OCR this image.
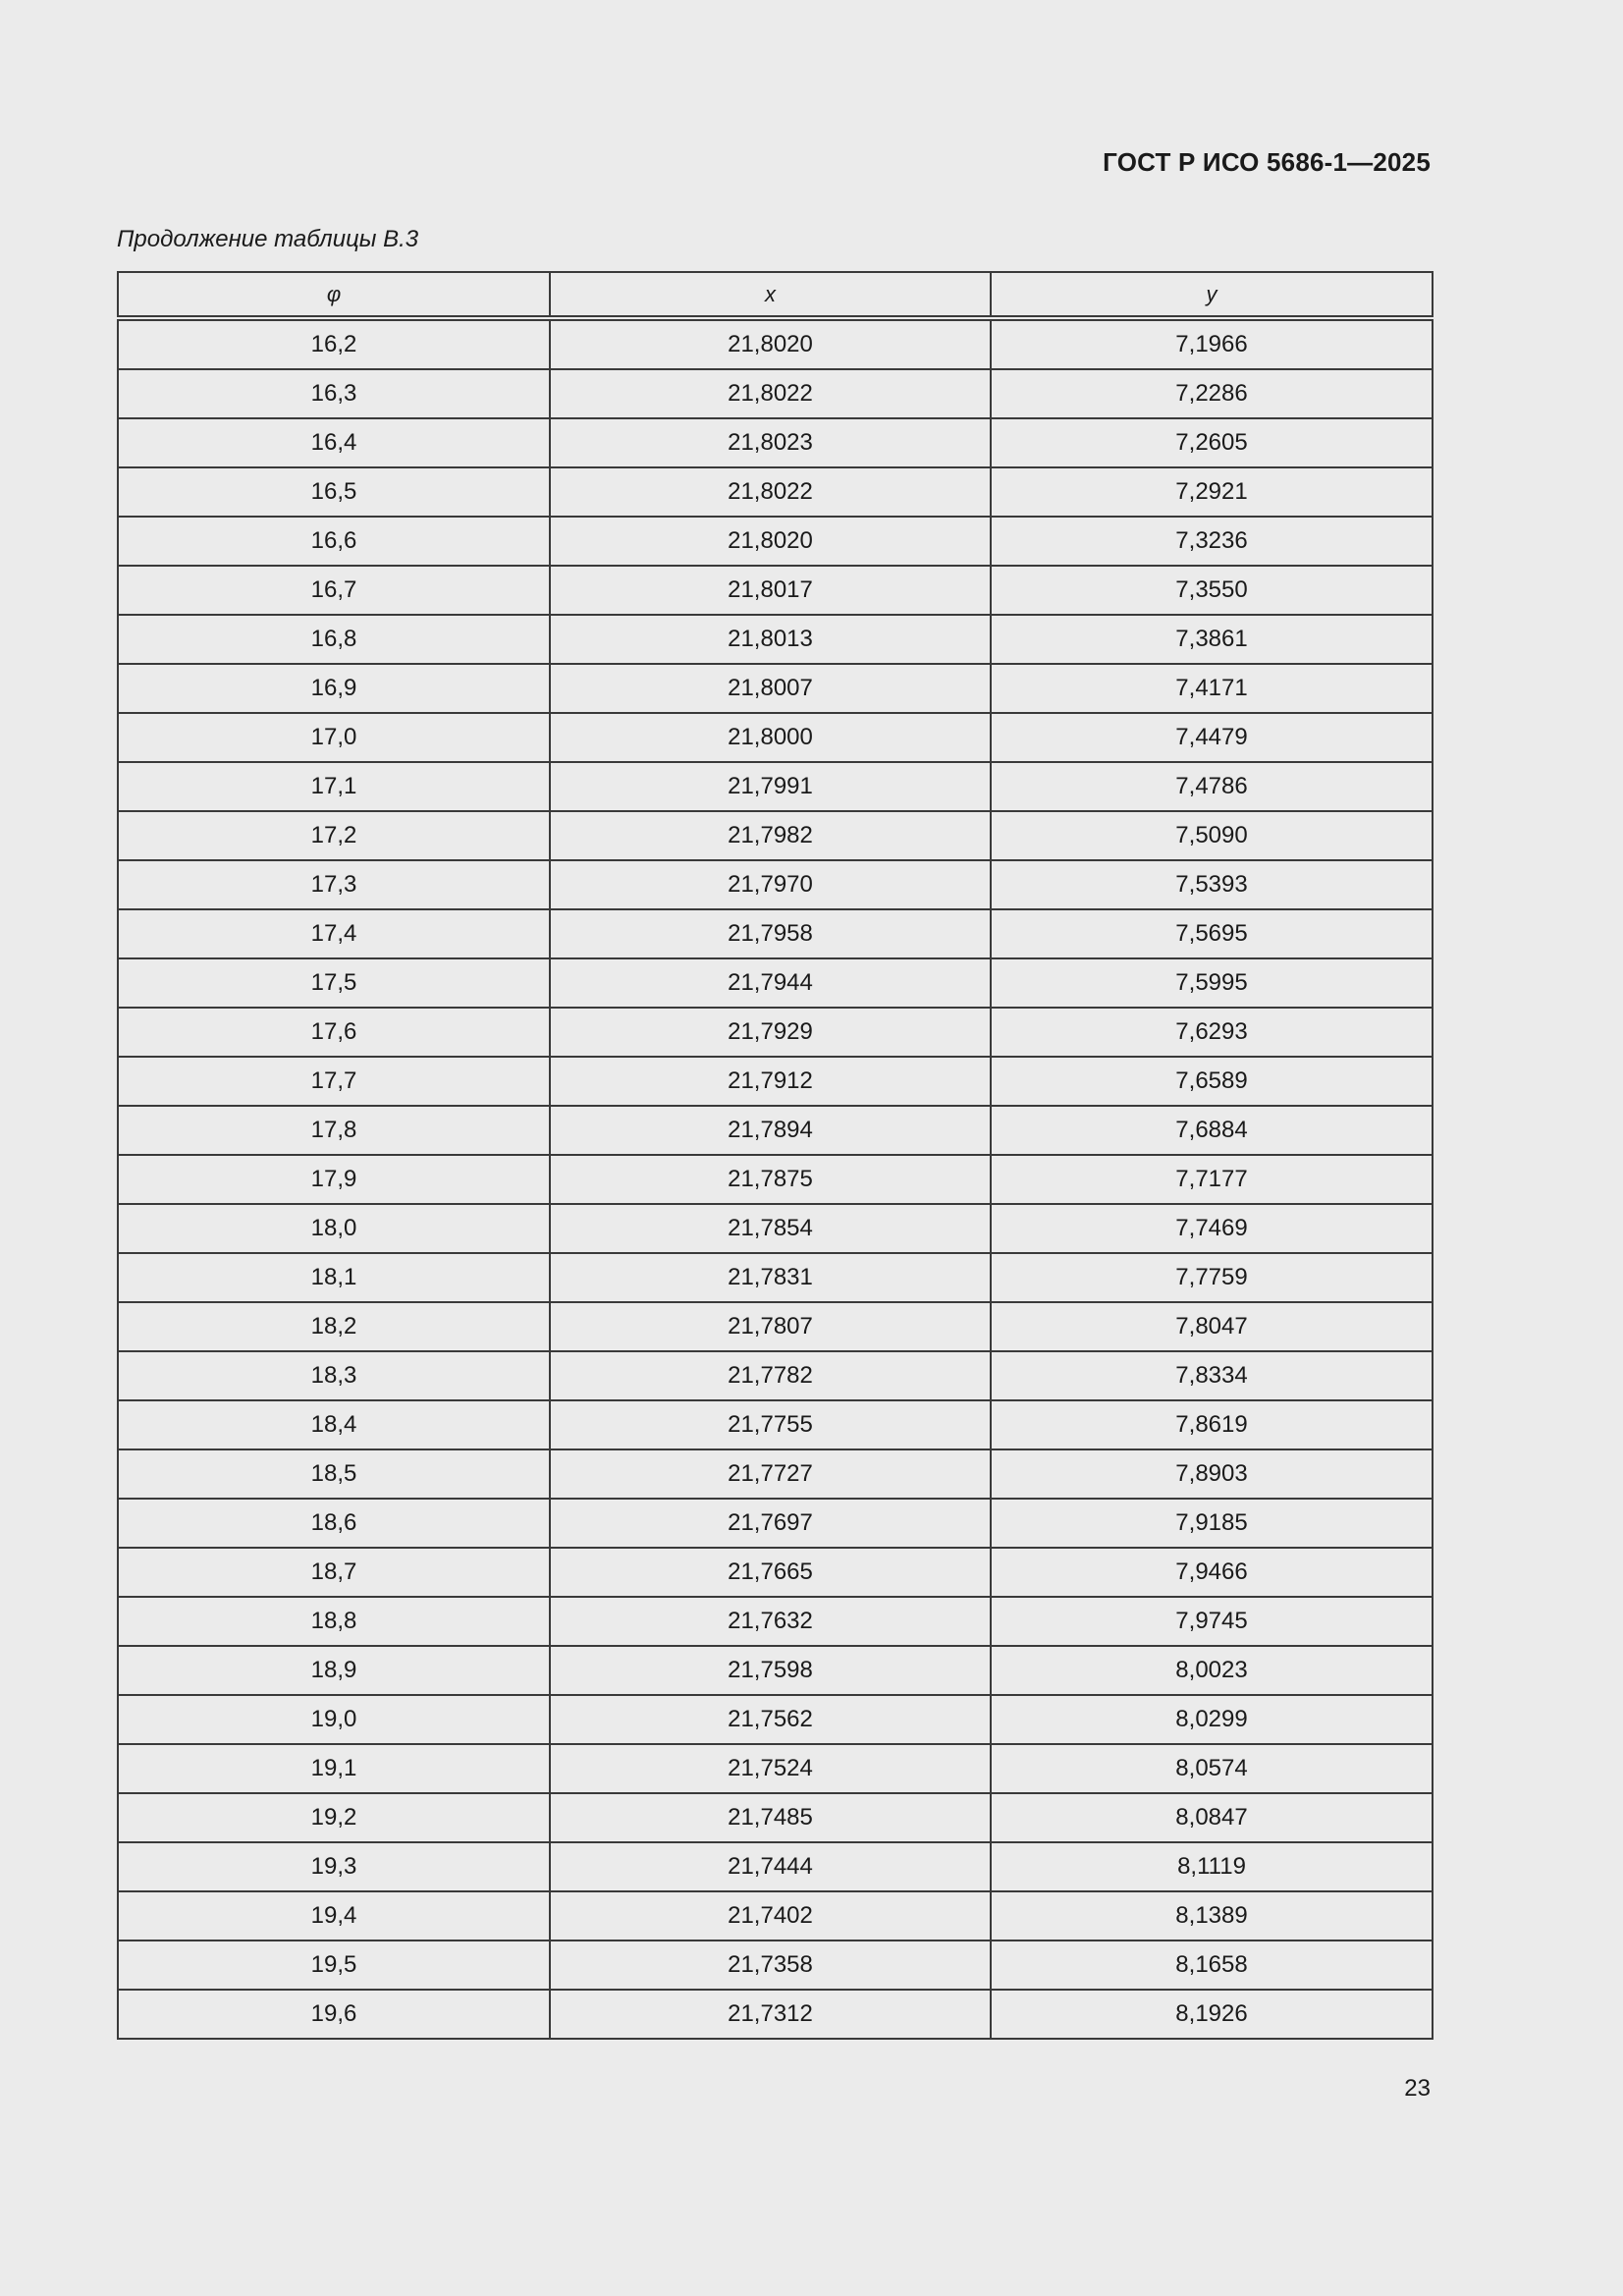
ГОСТ Р ИСО 5686-1—2025
Продолжение таблицы В.3
φ	x	y
16,2	21,8020	7,1966
16,3	21,8022	7,2286
16,4	21,8023	7,2605
16,5	21,8022	7,2921
16,6	21,8020	7,3236
16,7	21,8017	7,3550
16,8	21,8013	7,3861
16,9	21,8007	7,4171
17,0	21,8000	7,4479
17,1	21,7991	7,4786
17,2	21,7982	7,5090
17,3	21,7970	7,5393
17,4	21,7958	7,5695
17,5	21,7944	7,5995
17,6	21,7929	7,6293
17,7	21,7912	7,6589
17,8	21,7894	7,6884
17,9	21,7875	7,7177
18,0	21,7854	7,7469
18,1	21,7831	7,7759
18,2	21,7807	7,8047
18,3	21,7782	7,8334
18,4	21,7755	7,8619
18,5	21,7727	7,8903
18,6	21,7697	7,9185
18,7	21,7665	7,9466
18,8	21,7632	7,9745
18,9	21,7598	8,0023
19,0	21,7562	8,0299
19,1	21,7524	8,0574
19,2	21,7485	8,0847
19,3	21,7444	8,1119
19,4	21,7402	8,1389
19,5	21,7358	8,1658
19,6	21,7312	8,1926
23
